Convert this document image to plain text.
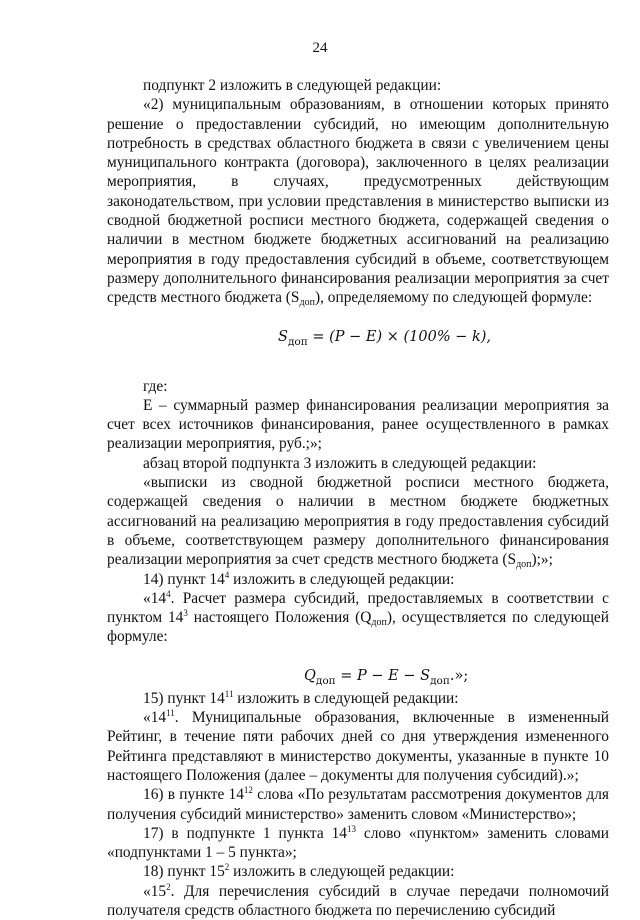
24

подпункт 2 изложить в следующей редакции:

«2) муниципальным образованиям, в отношении которых принято решение о предоставлении субсидий, но имеющим дополнительную потребность в средствах областного бюджета в связи с увеличением цены муниципального контракта (договора), заключенного в целях реализации мероприятия, в случаях, предусмотренных действующим законодательством, при условии представления в министерство выписки из сводной бюджетной росписи местного бюджета, содержащей сведения о наличии в местном бюджете бюджетных ассигнований на реализацию мероприятия в году предоставления субсидий в объеме, соответствующем размеру дополнительного финансирования реализации мероприятия за счет средств местного бюджета $(S_{доп})$, определяемому по следующей формуле:

$S_{доп} = (P - E) \times (100\% - k)$,

где:

Е – суммарный размер финансирования реализации мероприятия за счет всех источников финансирования, ранее осуществленного в рамках реализации мероприятия, руб.;»;

абзац второй подпункта 3 изложить в следующей редакции:

«выписки из сводной бюджетной росписи местного бюджета, содержащей сведения о наличии в местном бюджете бюджетных ассигнований на реализацию мероприятия в году предоставления субсидий в объеме, соответствующем размеру дополнительного финансирования реализации мероприятия за счет средств местного бюджета $(S_{доп})$;»;

14) пункт $14^4$ изложить в следующей редакции:

«$14^4$. Расчет размера субсидий, предоставляемых в соответствии с пунктом $14^3$ настоящего Положения $(Q_{доп})$, осуществляется по следующей формуле:

$Q_{доп} = P - E - S_{доп}$.»;

15) пункт $14^{11}$ изложить в следующей редакции:

«$14^{11}$. Муниципальные образования, включенные в измененный Рейтинг, в течение пяти рабочих дней со дня утверждения измененного Рейтинга представляют в министерство документы, указанные в пункте 10 настоящего Положения (далее – документы для получения субсидий).»;

16) в пункте $14^{12}$ слова «По результатам рассмотрения документов для получения субсидий министерство» заменить словом «Министерство»;

17) в подпункте 1 пункта $14^{13}$ слово «пунктом» заменить словами «подпунктами 1 – 5 пункта»;

18) пункт $15^2$ изложить в следующей редакции:

«$15^2$. Для перечисления субсидий в случае передачи полномочий получателя средств областного бюджета по перечислению субсидий
